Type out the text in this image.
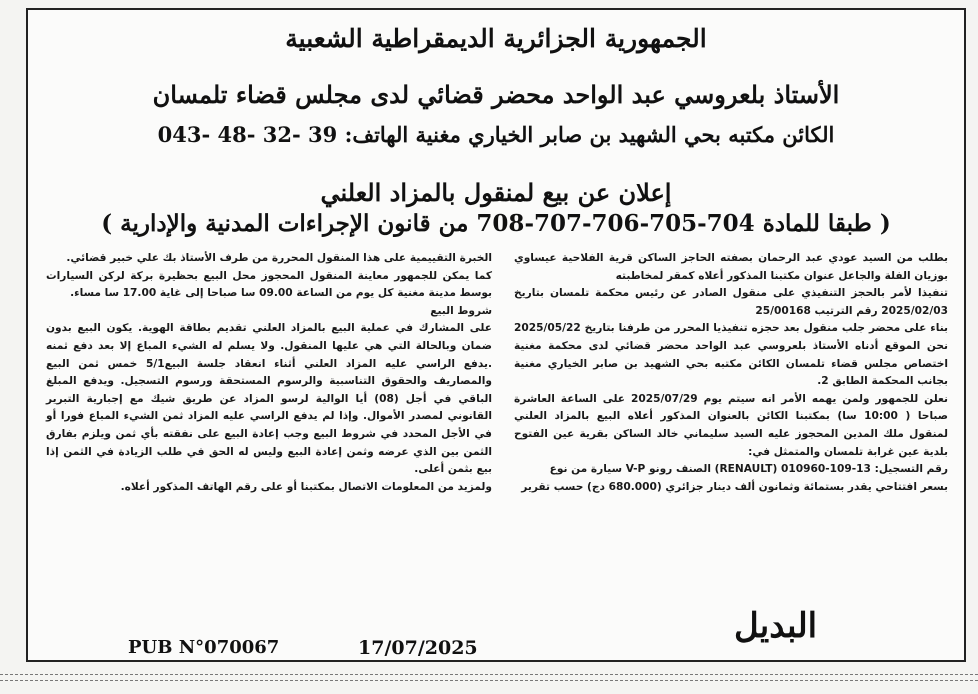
الجمهورية الجزائرية الديمقراطية الشعبية
الأستاذ بلعروسي عبد الواحد محضر قضائي لدى مجلس قضاء تلمسان
الكائن مكتبه بحي الشهيد بن صابر الخياري مغنية الهاتف: 39 -32 -48 -043
إعلان عن بيع لمنقول بالمزاد العلني
( طبقا للمادة 704-705-706-707-708 من قانون الإجراءات المدنية والإدارية )

بطلب من السيد عودي عبد الرحمان بصفته الحاجز الساكن قرية الفلاحية عيساوي بوزيان الفلة والجاعل عنوان مكتبنا المذكور أعلاه كمقر لمخاطبته

تنفيذا لأمر بالحجز التنفيذي على منقول الصادر عن رئيس محكمة تلمسان بتاريخ 2025/02/03 رقم الترتيب 25/00168

بناء على محضر جلب منقول بعد حجزه تنفيذيا المحرر من طرفنا بتاريخ 2025/05/22 نحن الموقع أدناه الأستاذ بلعروسي عبد الواحد محضر قضائي لدى محكمة مغنية اختصاص مجلس قضاء تلمسان الكائن مكتبه بحي الشهيد بن صابر الخياري مغنية بجانب المحكمة الطابق 2.

نعلن للجمهور ولمن يهمه الأمر انه سيتم يوم 2025/07/29 على الساعة العاشرة صباحا ( 10:00 سا) بمكتبنا الكائن بالعنوان المذكور أعلاه البيع بالمزاد العلني لمنقول ملك المدين المحجوز عليه السيد سليماني خالد الساكن بقرية عين الفتوح بلدية عين غرابة تلمسان والمتمثل في:

رقم التسجيل: 13-109-010960 (RENAULT) الصنف رونو V-P سيارة من نوع

بسعر افتتاحي يقدر بستمائة وثمانون ألف دينار جزائري (680.000 دج) حسب تقرير

الخبرة التقييمية على هذا المنقول المحررة من طرف الأستاذ بك علي خبير قضائي.

كما يمكن للجمهور معاينة المنقول المحجوز محل البيع بحظيرة بركة لركن السيارات بوسط مدينة مغنية كل يوم من الساعة 09.00 سا صباحا إلى غاية 17.00 سا مساء.

شروط البيع

على المشارك في عملية البيع بالمزاد العلني تقديم بطاقة الهوية. يكون البيع بدون ضمان وبالحالة التي هي عليها المنقول. ولا يسلم له الشيء المباع إلا بعد دفع ثمنه .يدفع الراسي عليه المزاد العلني أثناء انعقاد جلسة البيع5/1 خمس ثمن البيع والمصاريف والحقوق التناسبية والرسوم المستحقة ورسوم التسجيل. ويدفع المبلغ الباقي في أجل (08) أيا الوالية لرسو المزاد عن طريق شيك مع إجبارية التبرير القانوني لمصدر الأموال. وإذا لم يدفع الراسي عليه المزاد ثمن الشيء المباع فورا أو في الأجل المحدد في شروط البيع وجب إعادة البيع على نفقته بأي ثمن ويلزم بفارق الثمن بين الذي عرضه وثمن إعادة البيع وليس له الحق في طلب الزيادة في الثمن إذا بيع بثمن أعلى.

ولمزيد من المعلومات الاتصال بمكتبنا أو على رقم الهاتف المذكور أعلاه.

البديل
17/07/2025
PUB N°070067
